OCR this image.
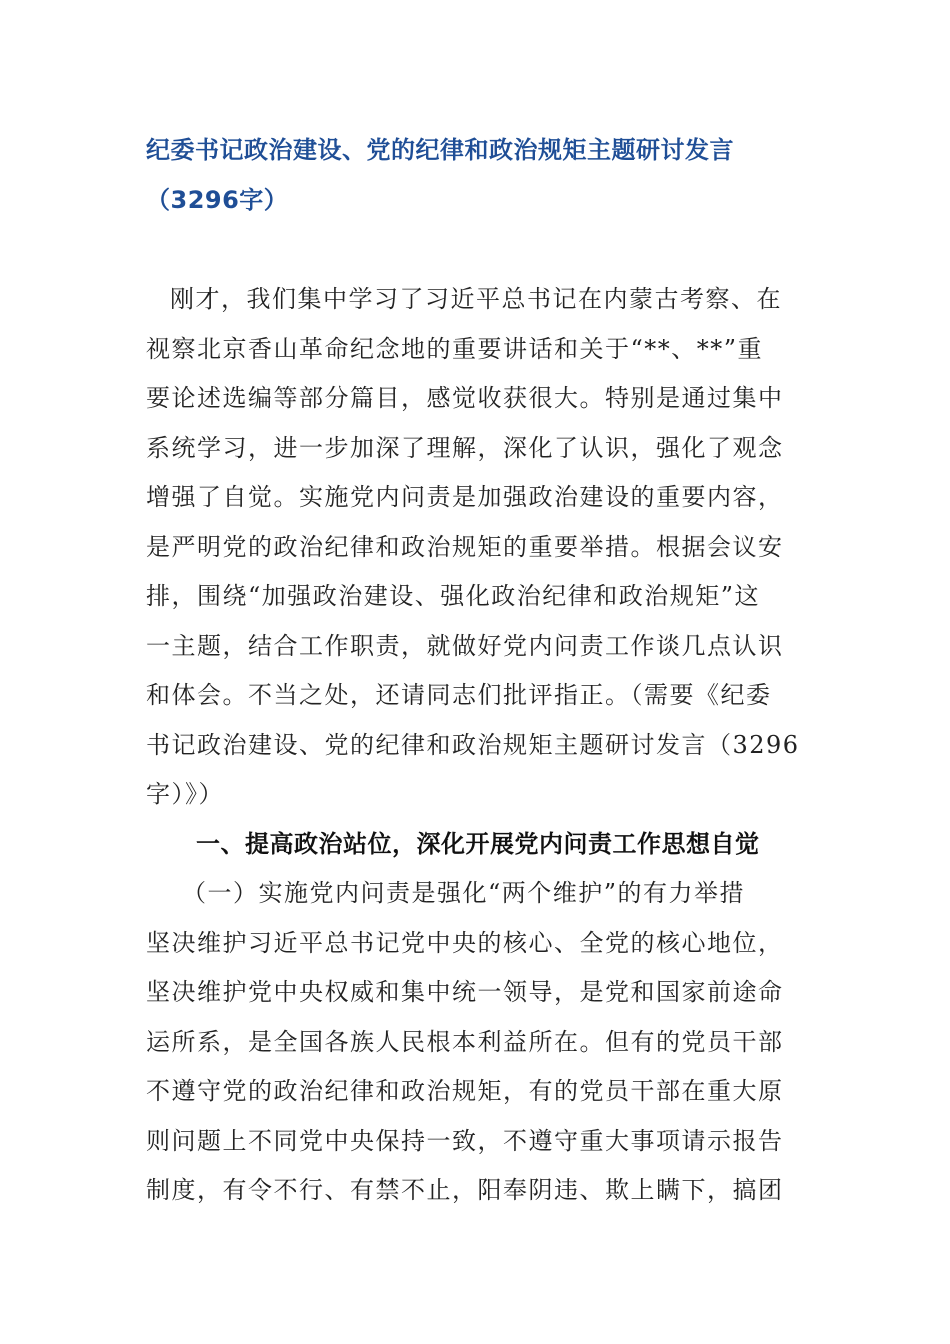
纪委书记政治建设、党的纪律和政治规矩主题研讨发言
（3296字）
刚才，我们集中学习了习近平总书记在内蒙古考察、在
视察北京香山革命纪念地的重要讲话和关于“**、**”重
要论述选编等部分篇目，感觉收获很大。特别是通过集中
系统学习，进一步加深了理解，深化了认识，强化了观念
增强了自觉。实施党内问责是加强政治建设的重要内容，
是严明党的政治纪律和政治规矩的重要举措。根据会议安
排，围绕“加强政治建设、强化政治纪律和政治规矩”这
一主题，结合工作职责，就做好党内问责工作谈几点认识
和体会。不当之处，还请同志们批评指正。（需要《纪委
书记政治建设、党的纪律和政治规矩主题研讨发言（3296
字）》）
一、提高政治站位，深化开展党内问责工作思想自觉
（一）实施党内问责是强化“两个维护”的有力举措
坚决维护习近平总书记党中央的核心、全党的核心地位，
坚决维护党中央权威和集中统一领导，是党和国家前途命
运所系，是全国各族人民根本利益所在。但有的党员干部
不遵守党的政治纪律和政治规矩，有的党员干部在重大原
则问题上不同党中央保持一致，不遵守重大事项请示报告
制度，有令不行、有禁不止，阳奉阴违、欺上瞒下，搞团
